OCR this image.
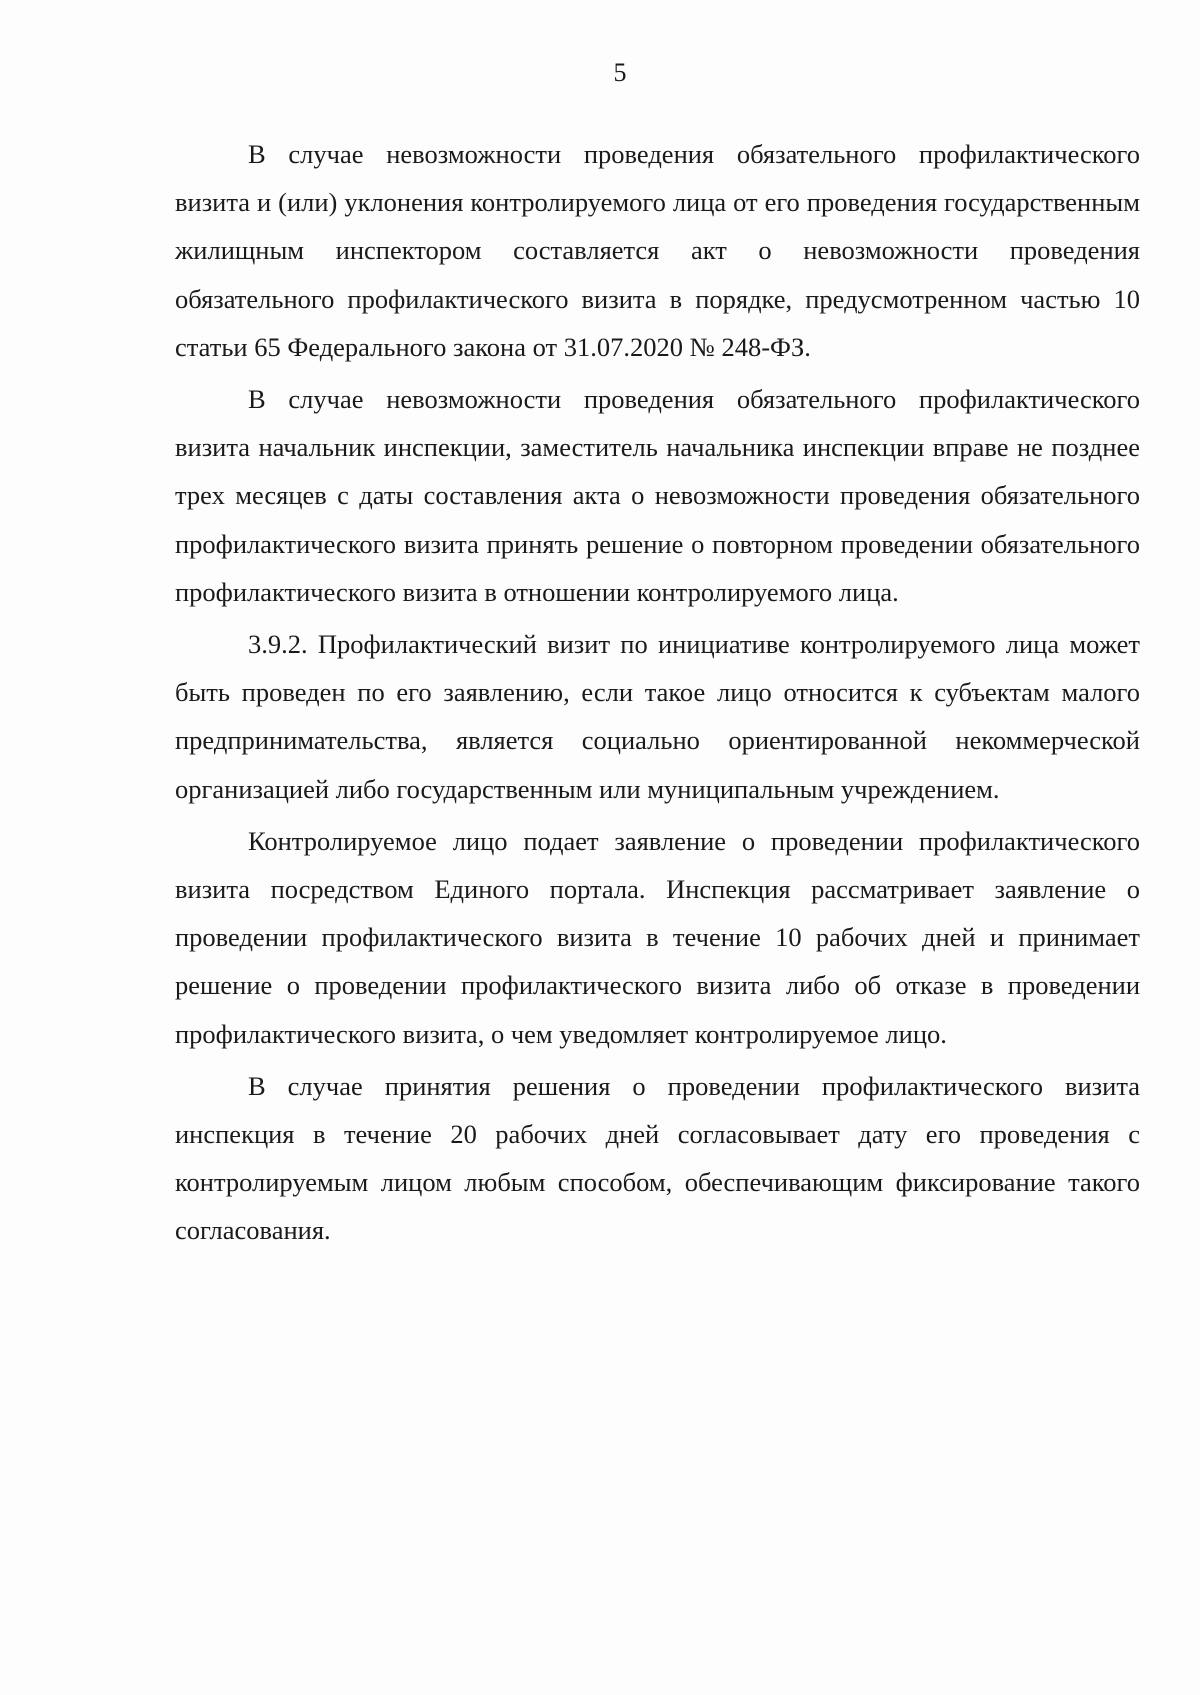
5

В случае невозможности проведения обязательного профилактического визита и (или) уклонения контролируемого лица от его проведения государственным жилищным инспектором составляется акт о невозможности проведения обязательного профилактического визита в порядке, предусмотренном частью 10 статьи 65 Федерального закона от 31.07.2020 № 248-ФЗ.

В случае невозможности проведения обязательного профилактического визита начальник инспекции, заместитель начальника инспекции вправе не позднее трех месяцев с даты составления акта о невозможности проведения обязательного профилактического визита принять решение о повторном проведении обязательного профилактического визита в отношении контролируемого лица.

3.9.2. Профилактический визит по инициативе контролируемого лица может быть проведен по его заявлению, если такое лицо относится к субъектам малого предпринимательства, является социально ориентированной некоммерческой организацией либо государственным или муниципальным учреждением.

Контролируемое лицо подает заявление о проведении профилактического визита посредством Единого портала. Инспекция рассматривает заявление о проведении профилактического визита в течение 10 рабочих дней и принимает решение о проведении профилактического визита либо об отказе в проведении профилактического визита, о чем уведомляет контролируемое лицо.

В случае принятия решения о проведении профилактического визита инспекция в течение 20 рабочих дней согласовывает дату его проведения с контролируемым лицом любым способом, обеспечивающим фиксирование такого согласования.
